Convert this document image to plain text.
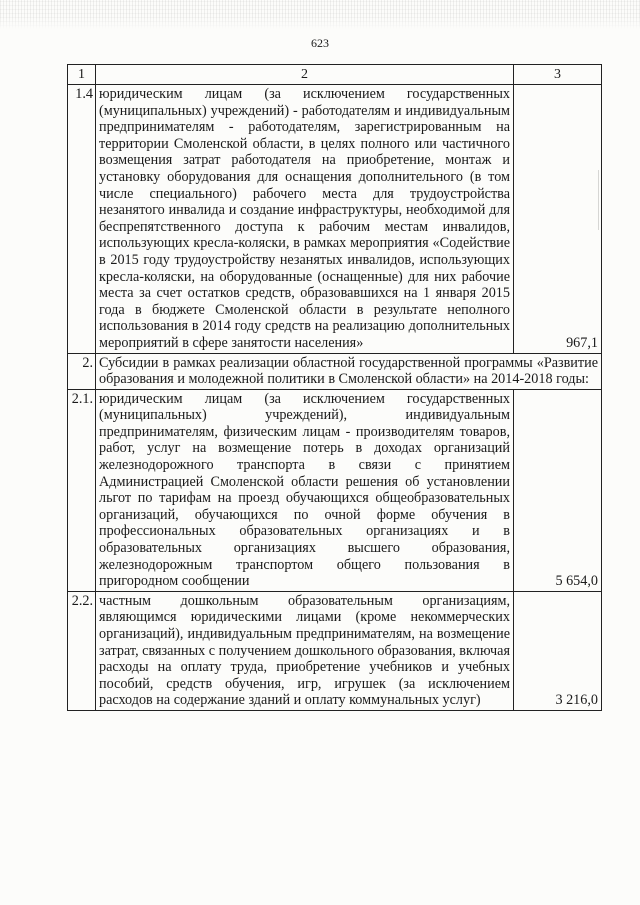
623
1	2	3
1.4	юридическим лицам (за исключением государственных (муниципальных) учреждений) - работодателям и индивидуальным предпринимателям - работодателям, зарегистрированным на территории Смоленской области, в целях полного или частичного возмещения затрат работодателя на приобретение, монтаж и установку оборудования для оснащения дополнительного (в том числе специального) рабочего места для трудоустройства незанятого инвалида и создание инфраструктуры, необходимой для беспрепятственного доступа к рабочим местам инвалидов, использующих кресла-коляски, в рамках мероприятия «Содействие в 2015 году трудоустройству незанятых инвалидов, использующих кресла-коляски, на оборудованные (оснащенные) для них рабочие места за счет остатков средств, образовавшихся на 1 января 2015 года в бюджете Смоленской области в результате неполного использования в 2014 году средств на реализацию дополнительных мероприятий в сфере занятости населения»	967,1
2.	Субсидии в рамках реализации областной государственной программы «Развитие образования и молодежной политики в Смоленской области» на 2014-2018 годы:	
2.1.	юридическим лицам (за исключением государственных (муниципальных) учреждений), индивидуальным предпринимателям, физическим лицам - производителям товаров, работ, услуг на возмещение потерь в доходах организаций железнодорожного транспорта в связи с принятием Администрацией Смоленской области решения об установлении льгот по тарифам на проезд обучающихся общеобразовательных организаций, обучающихся по очной форме обучения в профессиональных образовательных организациях и в образовательных организациях высшего образования, железнодорожным транспортом общего пользования в пригородном сообщении	5 654,0
2.2.	частным дошкольным образовательным организациям, являющимся юридическими лицами (кроме некоммерческих организаций), индивидуальным предпринимателям, на возмещение затрат, связанных с получением дошкольного образования, включая расходы на оплату труда, приобретение учебников и учебных пособий, средств обучения, игр, игрушек (за исключением расходов на содержание зданий и оплату коммунальных услуг)	3 216,0
